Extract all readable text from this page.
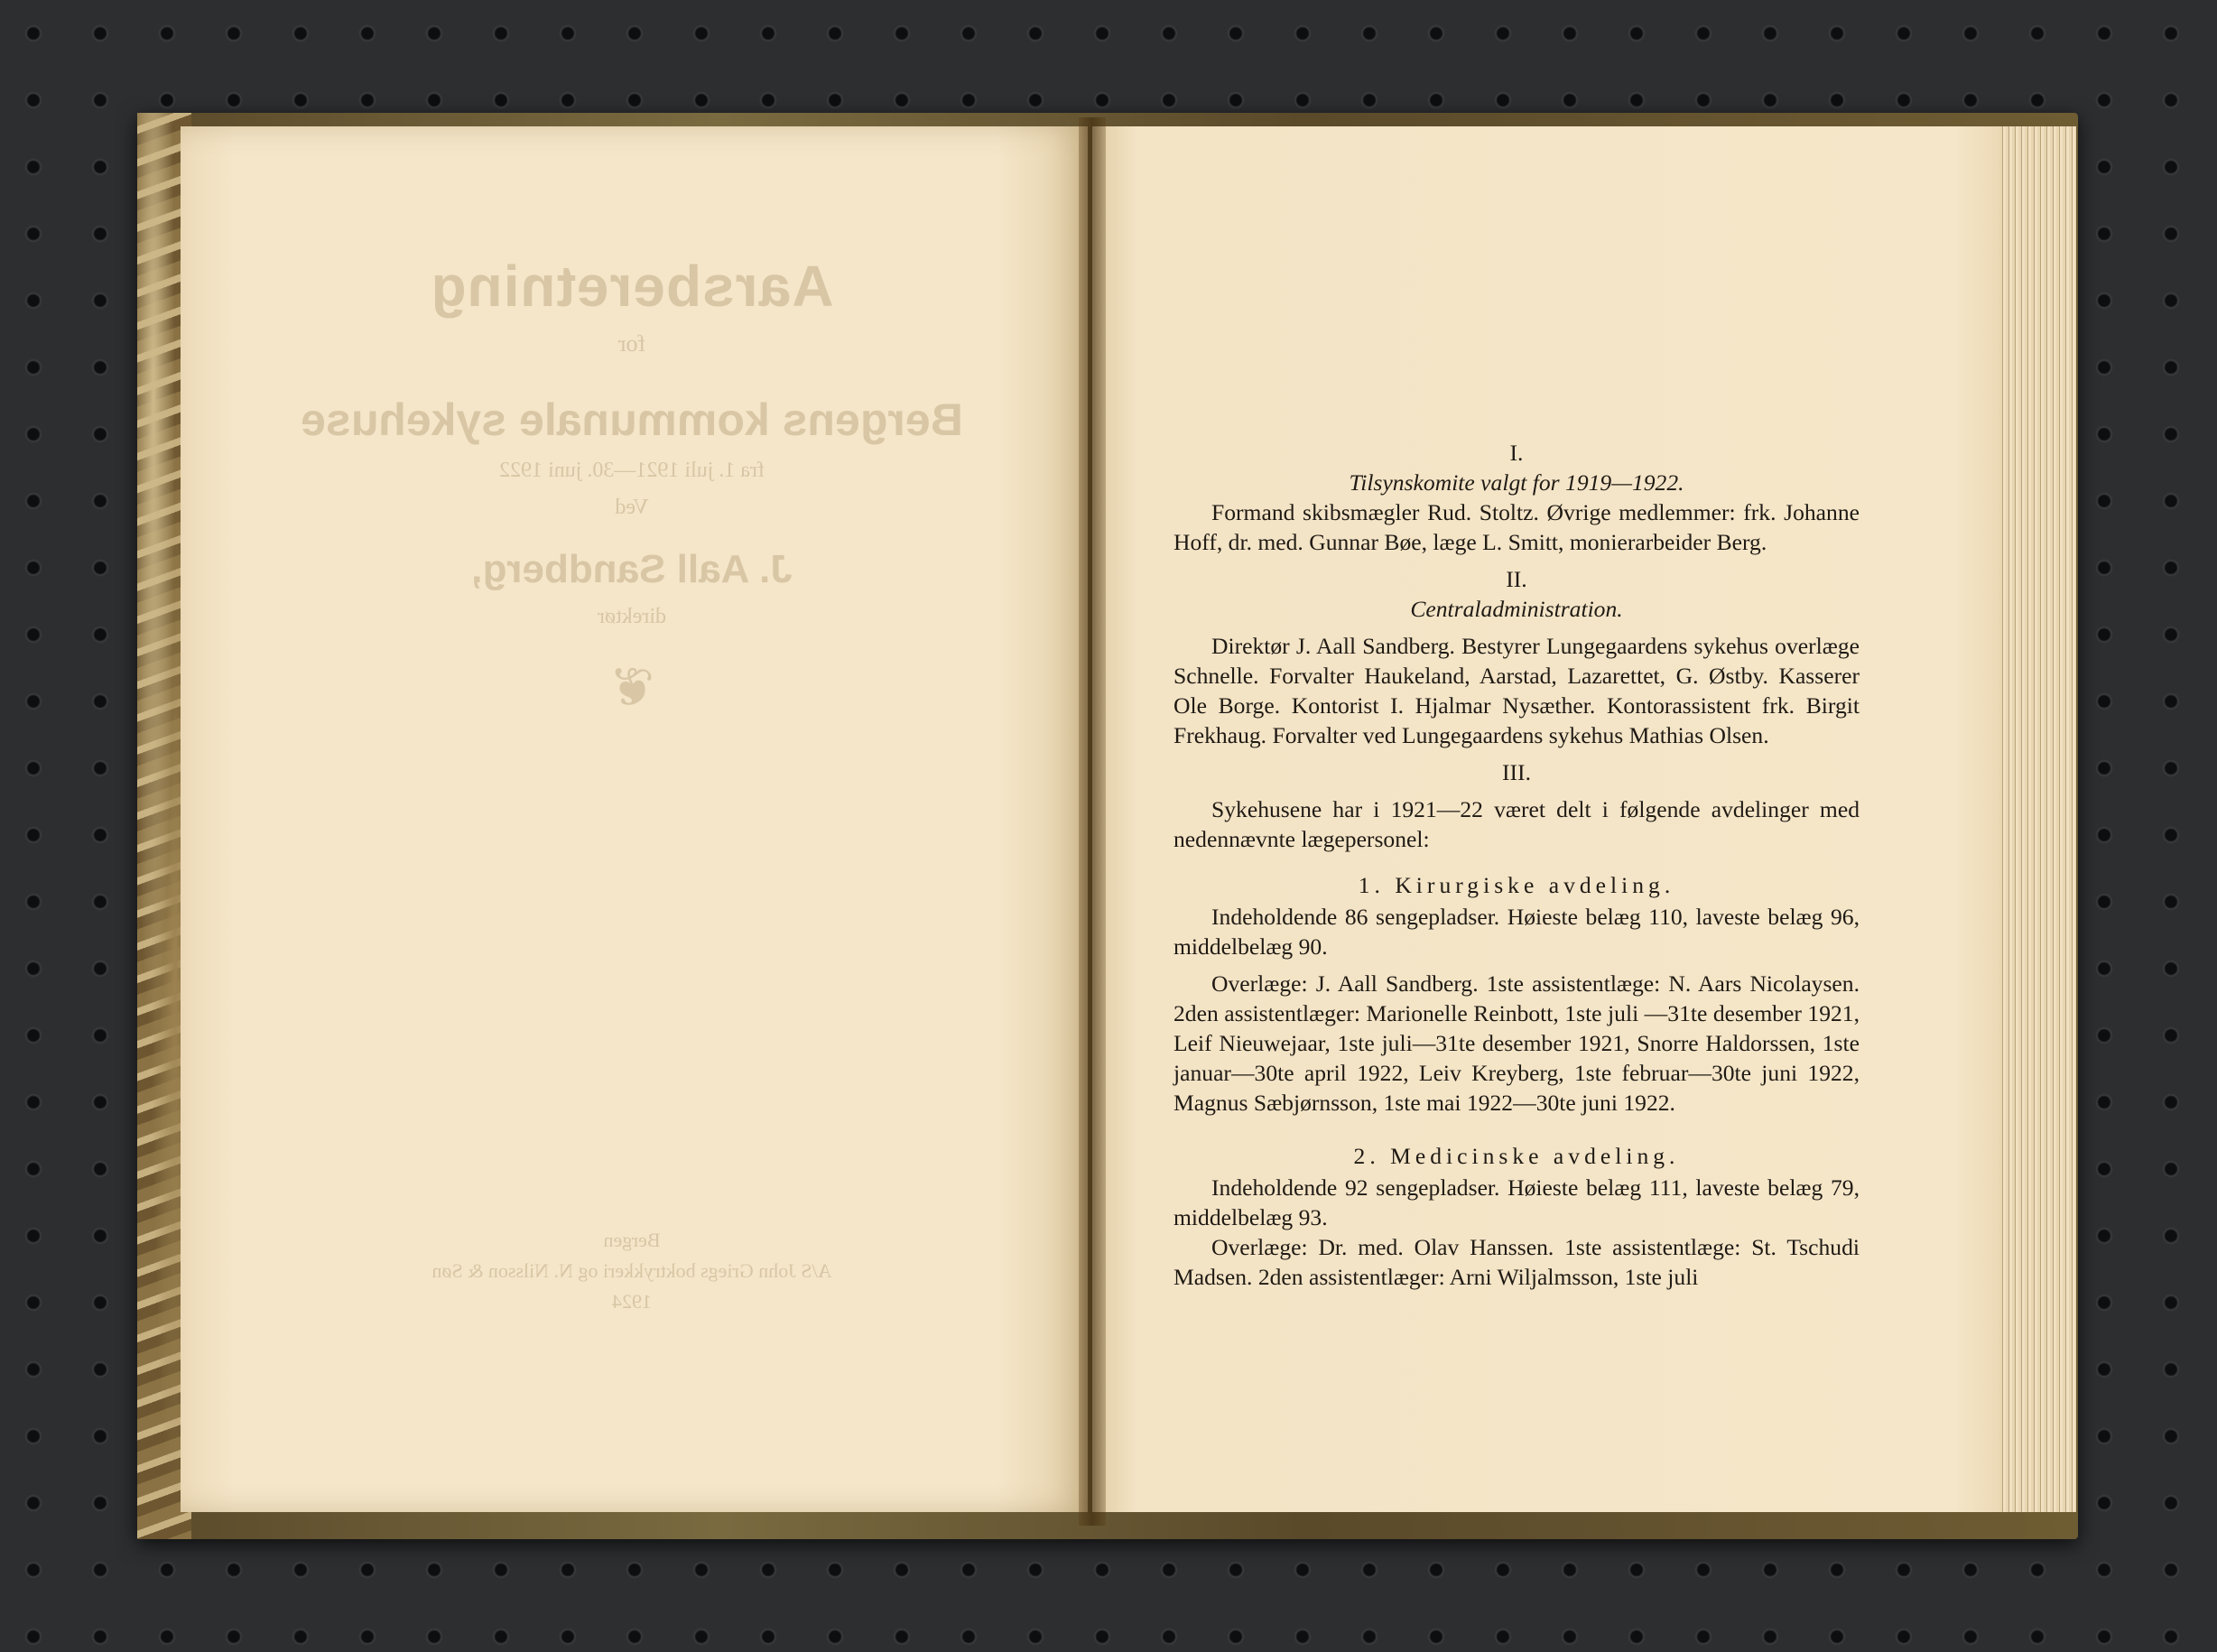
Aarsberetning
for
Bergens kommunale sykehuse
fra 1. juli 1921—30. juni 1922
Ved
J. Aall Sandberg,
direktør
❦
Bergen
A/S John Griegs boktrykkeri og N. Nilsson & Søn
1924

I.

Tilsynskomite valgt for 1919—1922.

Formand skibsmægler Rud. Stoltz. Øvrige medlemmer: frk. Johanne Hoff, dr. med. Gunnar Bøe, læge L. Smitt, monierarbeider Berg.

II.

Centraladministration.

Direktør J. Aall Sandberg. Bestyrer Lungegaardens sykehus overlæge Schnelle. Forvalter Haukeland, Aarstad, Lazarettet, G. Østby. Kasserer Ole Borge. Kontorist I. Hjalmar Nysæther. Kontorassistent frk. Birgit Frekhaug. Forvalter ved Lungegaardens sykehus Mathias Olsen.

III.

Sykehusene har i 1921—22 været delt i følgende avdelinger med nedennævnte lægepersonel:

1. Kirurgiske avdeling.

Indeholdende 86 sengepladser. Høieste belæg 110, laveste belæg 96, middelbelæg 90.

Overlæge: J. Aall Sandberg. 1ste assistentlæge: N. Aars Nicolaysen. 2den assistentlæger: Marionelle Reinbott, 1ste juli —31te desember 1921, Leif Nieuwejaar, 1ste juli—31te desember 1921, Snorre Haldorssen, 1ste januar—30te april 1922, Leiv Kreyberg, 1ste februar—30te juni 1922, Magnus Sæbjørnsson, 1ste mai 1922—30te juni 1922.

2. Medicinske avdeling.

Indeholdende 92 sengepladser. Høieste belæg 111, laveste belæg 79, middelbelæg 93.

Overlæge: Dr. med. Olav Hanssen. 1ste assistentlæge: St. Tschudi Madsen. 2den assistentlæger: Arni Wiljalmsson, 1ste juli
